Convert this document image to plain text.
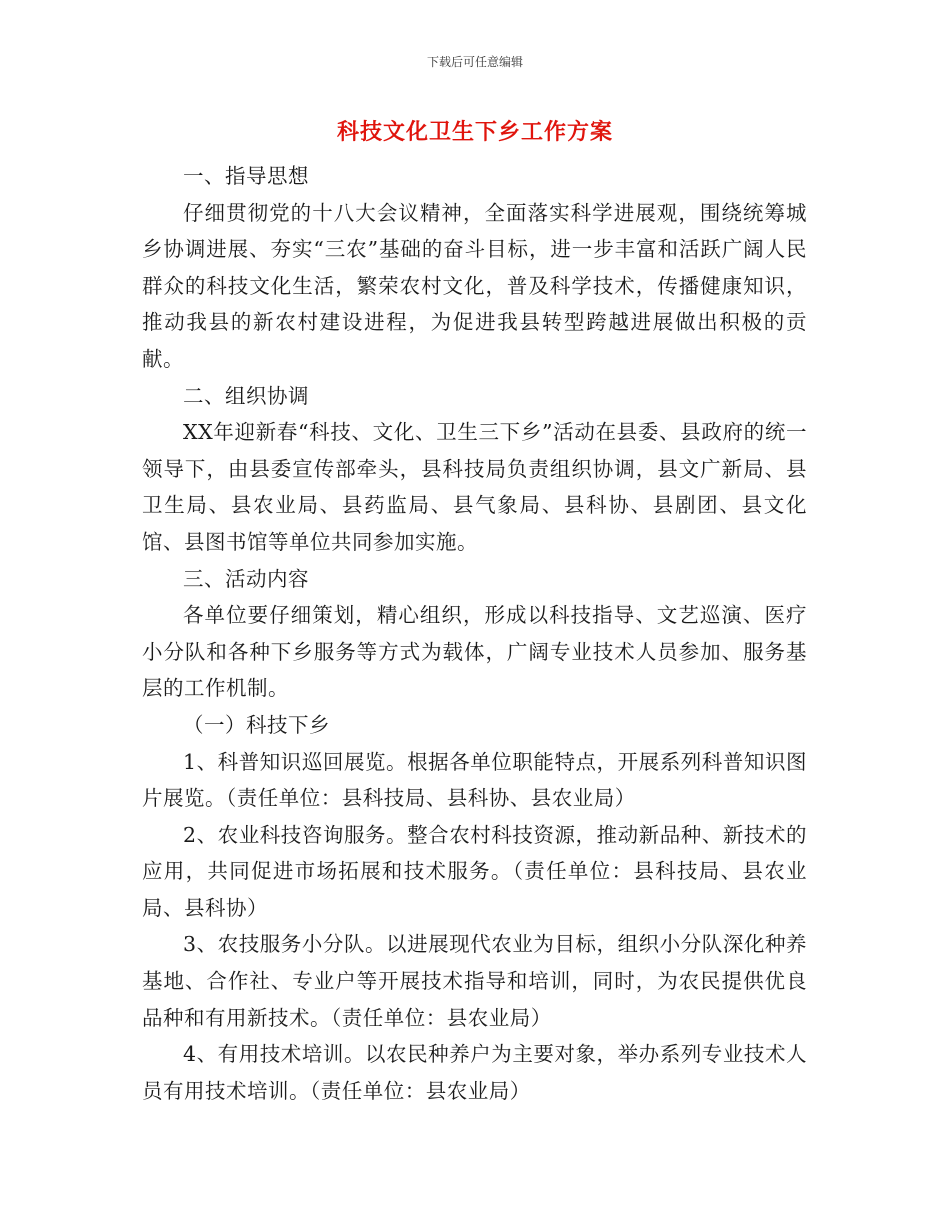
下载后可任意编辑
科技文化卫生下乡工作方案

一、指导思想

仔细贯彻党的十八大会议精神，全面落实科学进展观，围绕统筹城乡协调进展、夯实“三农”基础的奋斗目标，进一步丰富和活跃广阔人民群众的科技文化生活，繁荣农村文化，普及科学技术，传播健康知识，推动我县的新农村建设进程，为促进我县转型跨越进展做出积极的贡献。

二、组织协调

XX年迎新春“科技、文化、卫生三下乡”活动在县委、县政府的统一领导下，由县委宣传部牵头，县科技局负责组织协调，县文广新局、县卫生局、县农业局、县药监局、县气象局、县科协、县剧团、县文化馆、县图书馆等单位共同参加实施。

三、活动内容

各单位要仔细策划，精心组织，形成以科技指导、文艺巡演、医疗小分队和各种下乡服务等方式为载体，广阔专业技术人员参加、服务基层的工作机制。

（一）科技下乡

1、科普知识巡回展览。根据各单位职能特点，开展系列科普知识图片展览。（责任单位：县科技局、县科协、县农业局）

2、农业科技咨询服务。整合农村科技资源，推动新品种、新技术的应用，共同促进市场拓展和技术服务。（责任单位：县科技局、县农业局、县科协）

3、农技服务小分队。以进展现代农业为目标，组织小分队深化种养基地、合作社、专业户等开展技术指导和培训，同时，为农民提供优良品种和有用新技术。（责任单位：县农业局）

4、有用技术培训。以农民种养户为主要对象，举办系列专业技术人员有用技术培训。（责任单位：县农业局）
